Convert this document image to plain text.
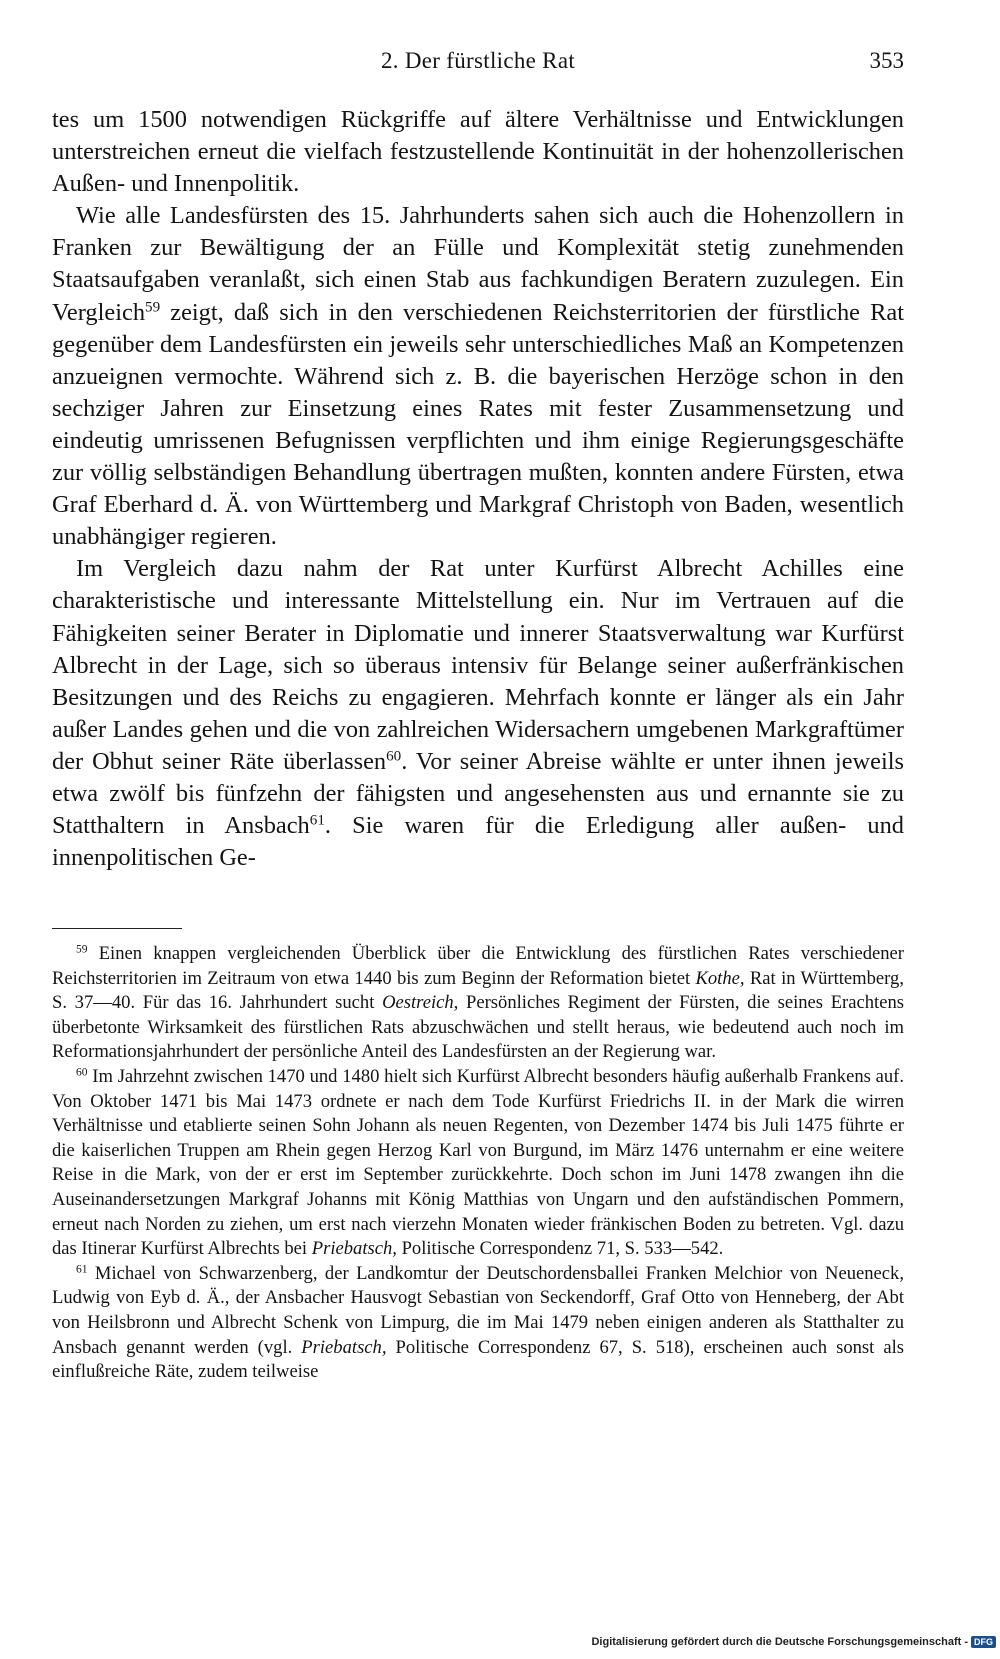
2. Der fürstliche Rat	353

tes um 1500 notwendigen Rückgriffe auf ältere Verhältnisse und Entwicklungen unterstreichen erneut die vielfach festzustellende Kontinuität in der hohenzollerischen Außen- und Innenpolitik.

Wie alle Landesfürsten des 15. Jahrhunderts sahen sich auch die Hohenzollern in Franken zur Bewältigung der an Fülle und Komplexität stetig zunehmenden Staatsaufgaben veranlaßt, sich einen Stab aus fachkundigen Beratern zuzulegen. Ein Vergleich$^{59}$ zeigt, daß sich in den verschiedenen Reichsterritorien der fürstliche Rat gegenüber dem Landesfürsten ein jeweils sehr unterschiedliches Maß an Kompetenzen anzueignen vermochte. Während sich z. B. die bayerischen Herzöge schon in den sechziger Jahren zur Einsetzung eines Rates mit fester Zusammensetzung und eindeutig umrissenen Befugnissen verpflichten und ihm einige Regierungsgeschäfte zur völlig selbständigen Behandlung übertragen mußten, konnten andere Fürsten, etwa Graf Eberhard d. Ä. von Württemberg und Markgraf Christoph von Baden, wesentlich unabhängiger regieren.

Im Vergleich dazu nahm der Rat unter Kurfürst Albrecht Achilles eine charakteristische und interessante Mittelstellung ein. Nur im Vertrauen auf die Fähigkeiten seiner Berater in Diplomatie und innerer Staatsverwaltung war Kurfürst Albrecht in der Lage, sich so überaus intensiv für Belange seiner außerfränkischen Besitzungen und des Reichs zu engagieren. Mehrfach konnte er länger als ein Jahr außer Landes gehen und die von zahlreichen Widersachern umgebenen Markgraftümer der Obhut seiner Räte überlassen$^{60}$. Vor seiner Abreise wählte er unter ihnen jeweils etwa zwölf bis fünfzehn der fähigsten und angesehensten aus und ernannte sie zu Statthaltern in Ansbach$^{61}$. Sie waren für die Erledigung aller außen- und innenpolitischen Ge-

$^{59}$ Einen knappen vergleichenden Überblick über die Entwicklung des fürstlichen Rates verschiedener Reichsterritorien im Zeitraum von etwa 1440 bis zum Beginn der Reformation bietet Kothe, Rat in Württemberg, S. 37—40. Für das 16. Jahrhundert sucht Oestreich, Persönliches Regiment der Fürsten, die seines Erachtens überbetonte Wirksamkeit des fürstlichen Rats abzuschwächen und stellt heraus, wie bedeutend auch noch im Reformationsjahrhundert der persönliche Anteil des Landesfürsten an der Regierung war.

$^{60}$ Im Jahrzehnt zwischen 1470 und 1480 hielt sich Kurfürst Albrecht besonders häufig außerhalb Frankens auf. Von Oktober 1471 bis Mai 1473 ordnete er nach dem Tode Kurfürst Friedrichs II. in der Mark die wirren Verhältnisse und etablierte seinen Sohn Johann als neuen Regenten, von Dezember 1474 bis Juli 1475 führte er die kaiserlichen Truppen am Rhein gegen Herzog Karl von Burgund, im März 1476 unternahm er eine weitere Reise in die Mark, von der er erst im September zurückkehrte. Doch schon im Juni 1478 zwangen ihn die Auseinandersetzungen Markgraf Johanns mit König Matthias von Ungarn und den aufständischen Pommern, erneut nach Norden zu ziehen, um erst nach vierzehn Monaten wieder fränkischen Boden zu betreten. Vgl. dazu das Itinerar Kurfürst Albrechts bei Priebatsch, Politische Correspondenz 71, S. 533—542.

$^{61}$ Michael von Schwarzenberg, der Landkomtur der Deutschordensballei Franken Melchior von Neueneck, Ludwig von Eyb d. Ä., der Ansbacher Hausvogt Sebastian von Seckendorff, Graf Otto von Henneberg, der Abt von Heilsbronn und Albrecht Schenk von Limpurg, die im Mai 1479 neben einigen anderen als Statthalter zu Ansbach genannt werden (vgl. Priebatsch, Politische Correspondenz 67, S. 518), erscheinen auch sonst als einflußreiche Räte, zudem teilweise

Digitalisierung gefördert durch die Deutsche Forschungsgemeinschaft - DFG
